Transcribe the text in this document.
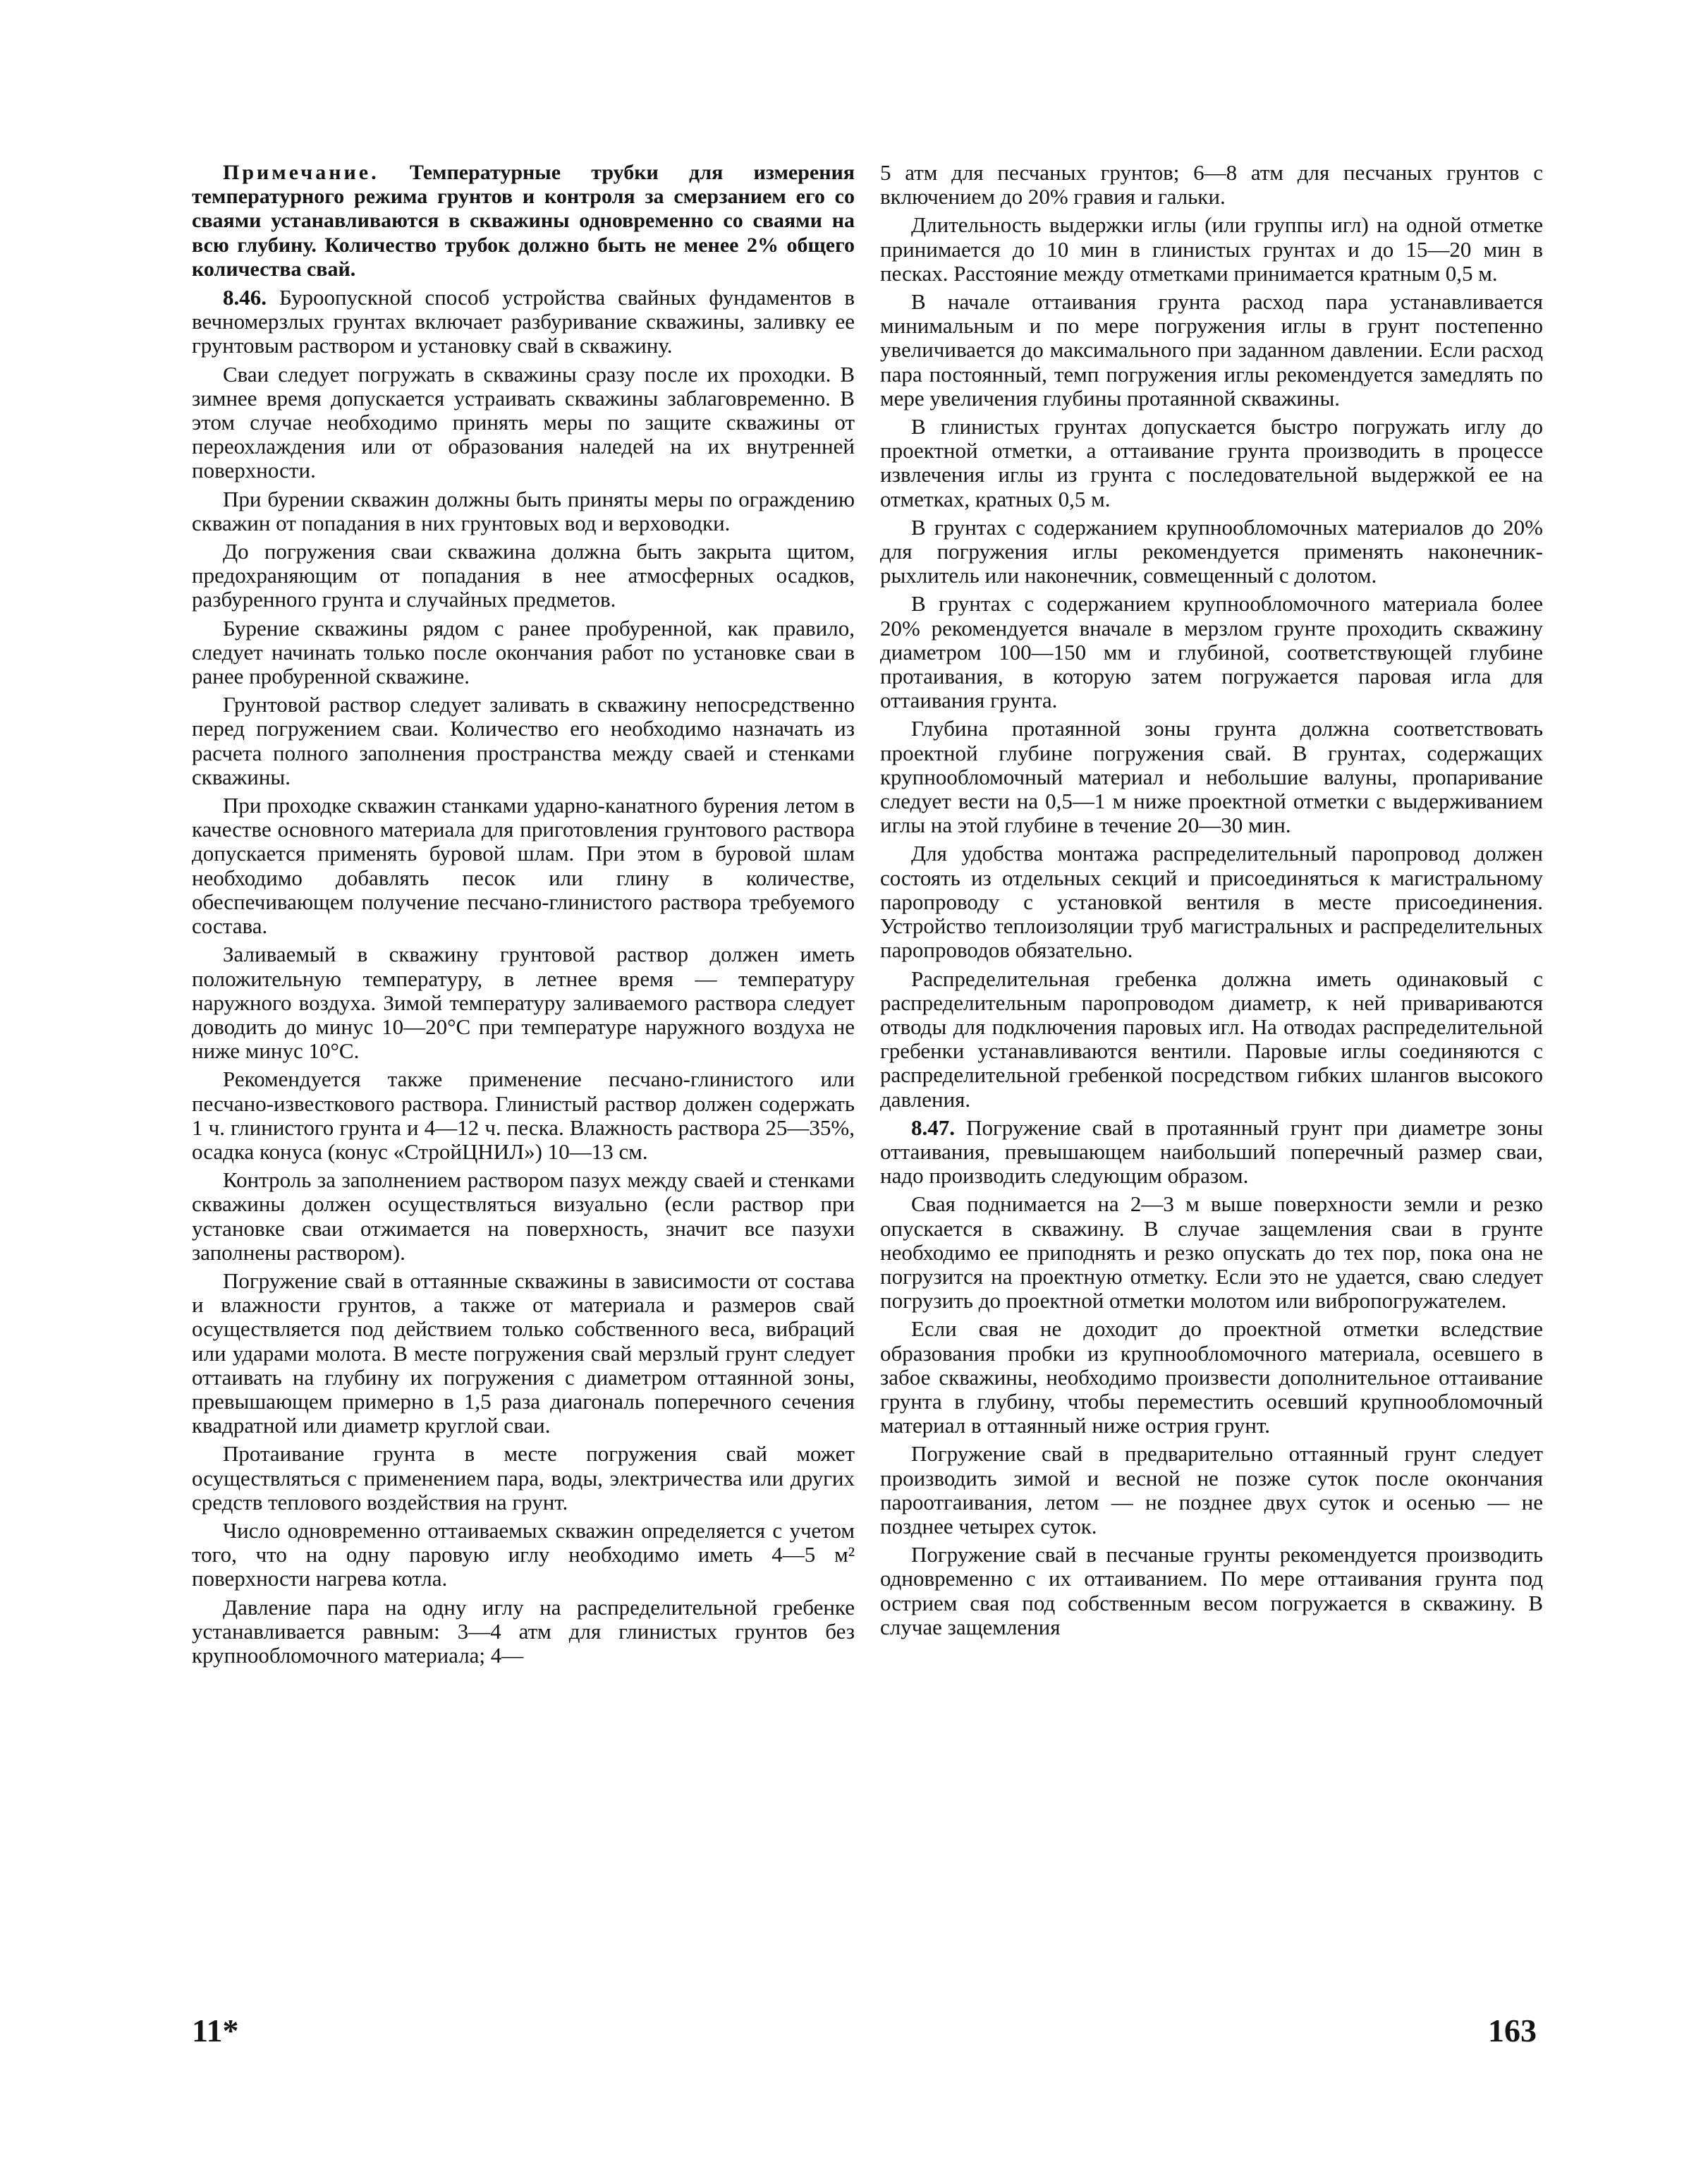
Примечание. Температурные трубки для измерения температурного режима грунтов и контроля за смерзанием его со сваями устанавливаются в скважины одновременно со сваями на всю глубину. Количество трубок должно быть не менее 2% общего количества свай.

8.46. Буроопускной способ устройства свайных фундаментов в вечномерзлых грунтах включает разбуривание скважины, заливку ее грунтовым раствором и установку свай в скважину.

Сваи следует погружать в скважины сразу после их проходки. В зимнее время допускается устраивать скважины заблаговременно. В этом случае необходимо принять меры по защите скважины от переохлаждения или от образования наледей на их внутренней поверхности.

При бурении скважин должны быть приняты меры по ограждению скважин от попадания в них грунтовых вод и верховодки.

До погружения сваи скважина должна быть закрыта щитом, предохраняющим от попадания в нее атмосферных осадков, разбуренного грунта и случайных предметов.

Бурение скважины рядом с ранее пробуренной, как правило, следует начинать только после окончания работ по установке сваи в ранее пробуренной скважине.

Грунтовой раствор следует заливать в скважину непосредственно перед погружением сваи. Количество его необходимо назначать из расчета полного заполнения пространства между сваей и стенками скважины.

При проходке скважин станками ударно-канатного бурения летом в качестве основного материала для приготовления грунтового раствора допускается применять буровой шлам. При этом в буровой шлам необходимо добавлять песок или глину в количестве, обеспечивающем получение песчано-глинистого раствора требуемого состава.

Заливаемый в скважину грунтовой раствор должен иметь положительную температуру, в летнее время — температуру наружного воздуха. Зимой температуру заливаемого раствора следует доводить до минус 10—20°С при температуре наружного воздуха не ниже минус 10°С.

Рекомендуется также применение песчано-глинистого или песчано-известкового раствора. Глинистый раствор должен содержать 1 ч. глинистого грунта и 4—12 ч. песка. Влажность раствора 25—35%, осадка конуса (конус «СтройЦНИЛ») 10—13 см.

Контроль за заполнением раствором пазух между сваей и стенками скважины должен осуществляться визуально (если раствор при установке сваи отжимается на поверхность, значит все пазухи заполнены раствором).

Погружение свай в оттаянные скважины в зависимости от состава и влажности грунтов, а также от материала и размеров свай осуществляется под действием только собственного веса, вибраций или ударами молота. В месте погружения свай мерзлый грунт следует оттаивать на глубину их погружения с диаметром оттаянной зоны, превышающем примерно в 1,5 раза диагональ поперечного сечения квадратной или диаметр круглой сваи.

Протаивание грунта в месте погружения свай может осуществляться с применением пара, воды, электричества или других средств теплового воздействия на грунт.

Число одновременно оттаиваемых скважин определяется с учетом того, что на одну паровую иглу необходимо иметь 4—5 м² поверхности нагрева котла.

Давление пара на одну иглу на распределительной гребенке устанавливается равным: 3—4 атм для глинистых грунтов без крупнообломочного материала; 4—

5 атм для песчаных грунтов; 6—8 атм для песчаных грунтов с включением до 20% гравия и гальки.

Длительность выдержки иглы (или группы игл) на одной отметке принимается до 10 мин в глинистых грунтах и до 15—20 мин в песках. Расстояние между отметками принимается кратным 0,5 м.

В начале оттаивания грунта расход пара устанавливается минимальным и по мере погружения иглы в грунт постепенно увеличивается до максимального при заданном давлении. Если расход пара постоянный, темп погружения иглы рекомендуется замедлять по мере увеличения глубины протаянной скважины.

В глинистых грунтах допускается быстро погружать иглу до проектной отметки, а оттаивание грунта производить в процессе извлечения иглы из грунта с последовательной выдержкой ее на отметках, кратных 0,5 м.

В грунтах с содержанием крупнообломочных материалов до 20% для погружения иглы рекомендуется применять наконечник-рыхлитель или наконечник, совмещенный с долотом.

В грунтах с содержанием крупнообломочного материала более 20% рекомендуется вначале в мерзлом грунте проходить скважину диаметром 100—150 мм и глубиной, соответствующей глубине протаивания, в которую затем погружается паровая игла для оттаивания грунта.

Глубина протаянной зоны грунта должна соответствовать проектной глубине погружения свай. В грунтах, содержащих крупнообломочный материал и небольшие валуны, пропаривание следует вести на 0,5—1 м ниже проектной отметки с выдерживанием иглы на этой глубине в течение 20—30 мин.

Для удобства монтажа распределительный паропровод должен состоять из отдельных секций и присоединяться к магистральному паропроводу с установкой вентиля в месте присоединения. Устройство теплоизоляции труб магистральных и распределительных паропроводов обязательно.

Распределительная гребенка должна иметь одинаковый с распределительным паропроводом диаметр, к ней привариваются отводы для подключения паровых игл. На отводах распределительной гребенки устанавливаются вентили. Паровые иглы соединяются с распределительной гребенкой посредством гибких шлангов высокого давления.

8.47. Погружение свай в протаянный грунт при диаметре зоны оттаивания, превышающем наибольший поперечный размер сваи, надо производить следующим образом.

Свая поднимается на 2—3 м выше поверхности земли и резко опускается в скважину. В случае защемления сваи в грунте необходимо ее приподнять и резко опускать до тех пор, пока она не погрузится на проектную отметку. Если это не удается, сваю следует погрузить до проектной отметки молотом или вибропогружателем.

Если свая не доходит до проектной отметки вследствие образования пробки из крупнообломочного материала, осевшего в забое скважины, необходимо произвести дополнительное оттаивание грунта в глубину, чтобы переместить осевший крупнообломочный материал в оттаянный ниже острия грунт.

Погружение свай в предварительно оттаянный грунт следует производить зимой и весной не позже суток после окончания пароотгаивания, летом — не позднее двух суток и осенью — не позднее четырех суток.

Погружение свай в песчаные грунты рекомендуется производить одновременно с их оттаиванием. По мере оттаивания грунта под острием свая под собственным весом погружается в скважину. В случае защемления

11*	163
